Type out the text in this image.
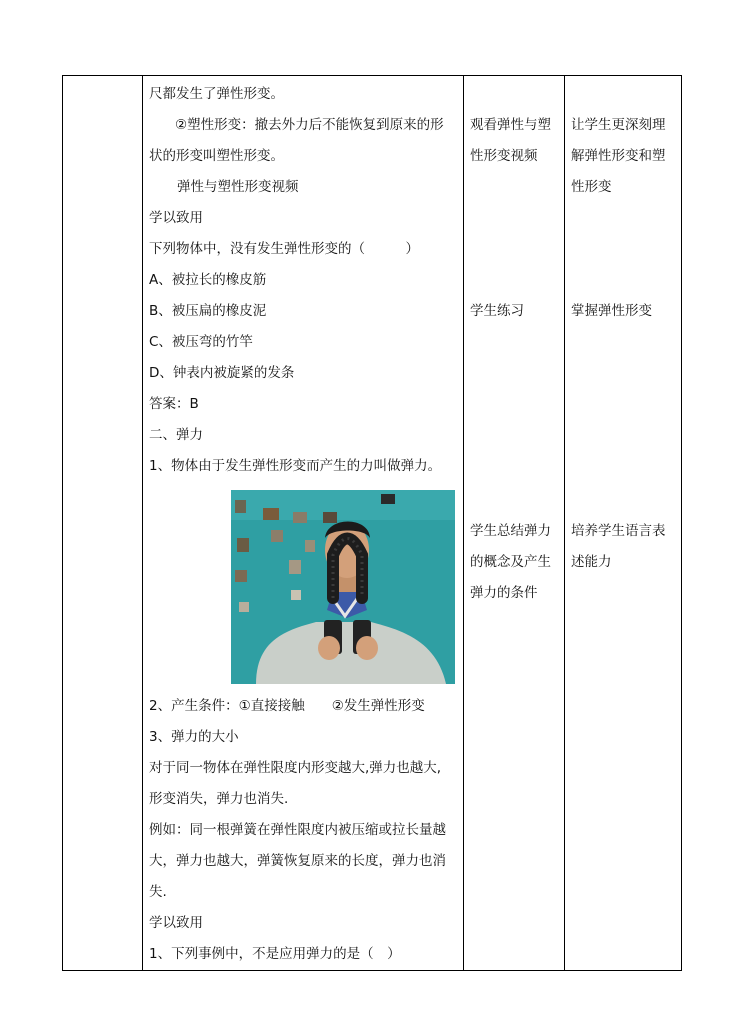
尺都发生了弹性形变。
②塑性形变：撤去外力后不能恢复到原来的形
状的形变叫塑性形变。
弹性与塑性形变视频
学以致用
下列物体中，没有发生弹性形变的（　　　）
A、被拉长的橡皮筋
B、被压扁的橡皮泥
C、被压弯的竹竿
D、钟表内被旋紧的发条
答案：B
二、弹力
1、物体由于发生弹性形变而产生的力叫做弹力。
2、产生条件：①直接接触　　②发生弹性形变
3、弹力的大小
对于同一物体在弹性限度内形变越大,弹力也越大,
形变消失，弹力也消失.
例如：同一根弹簧在弹性限度内被压缩或拉长量越
大，弹力也越大，弹簧恢复原来的长度，弹力也消
失.
学以致用
1、下列事例中，不是应用弹力的是（　）
观看弹性与塑
性形变视频
学生练习
学生总结弹力
的概念及产生
弹力的条件
让学生更深刻理
解弹性形变和塑
性形变
掌握弹性形变
培养学生语言表
述能力
